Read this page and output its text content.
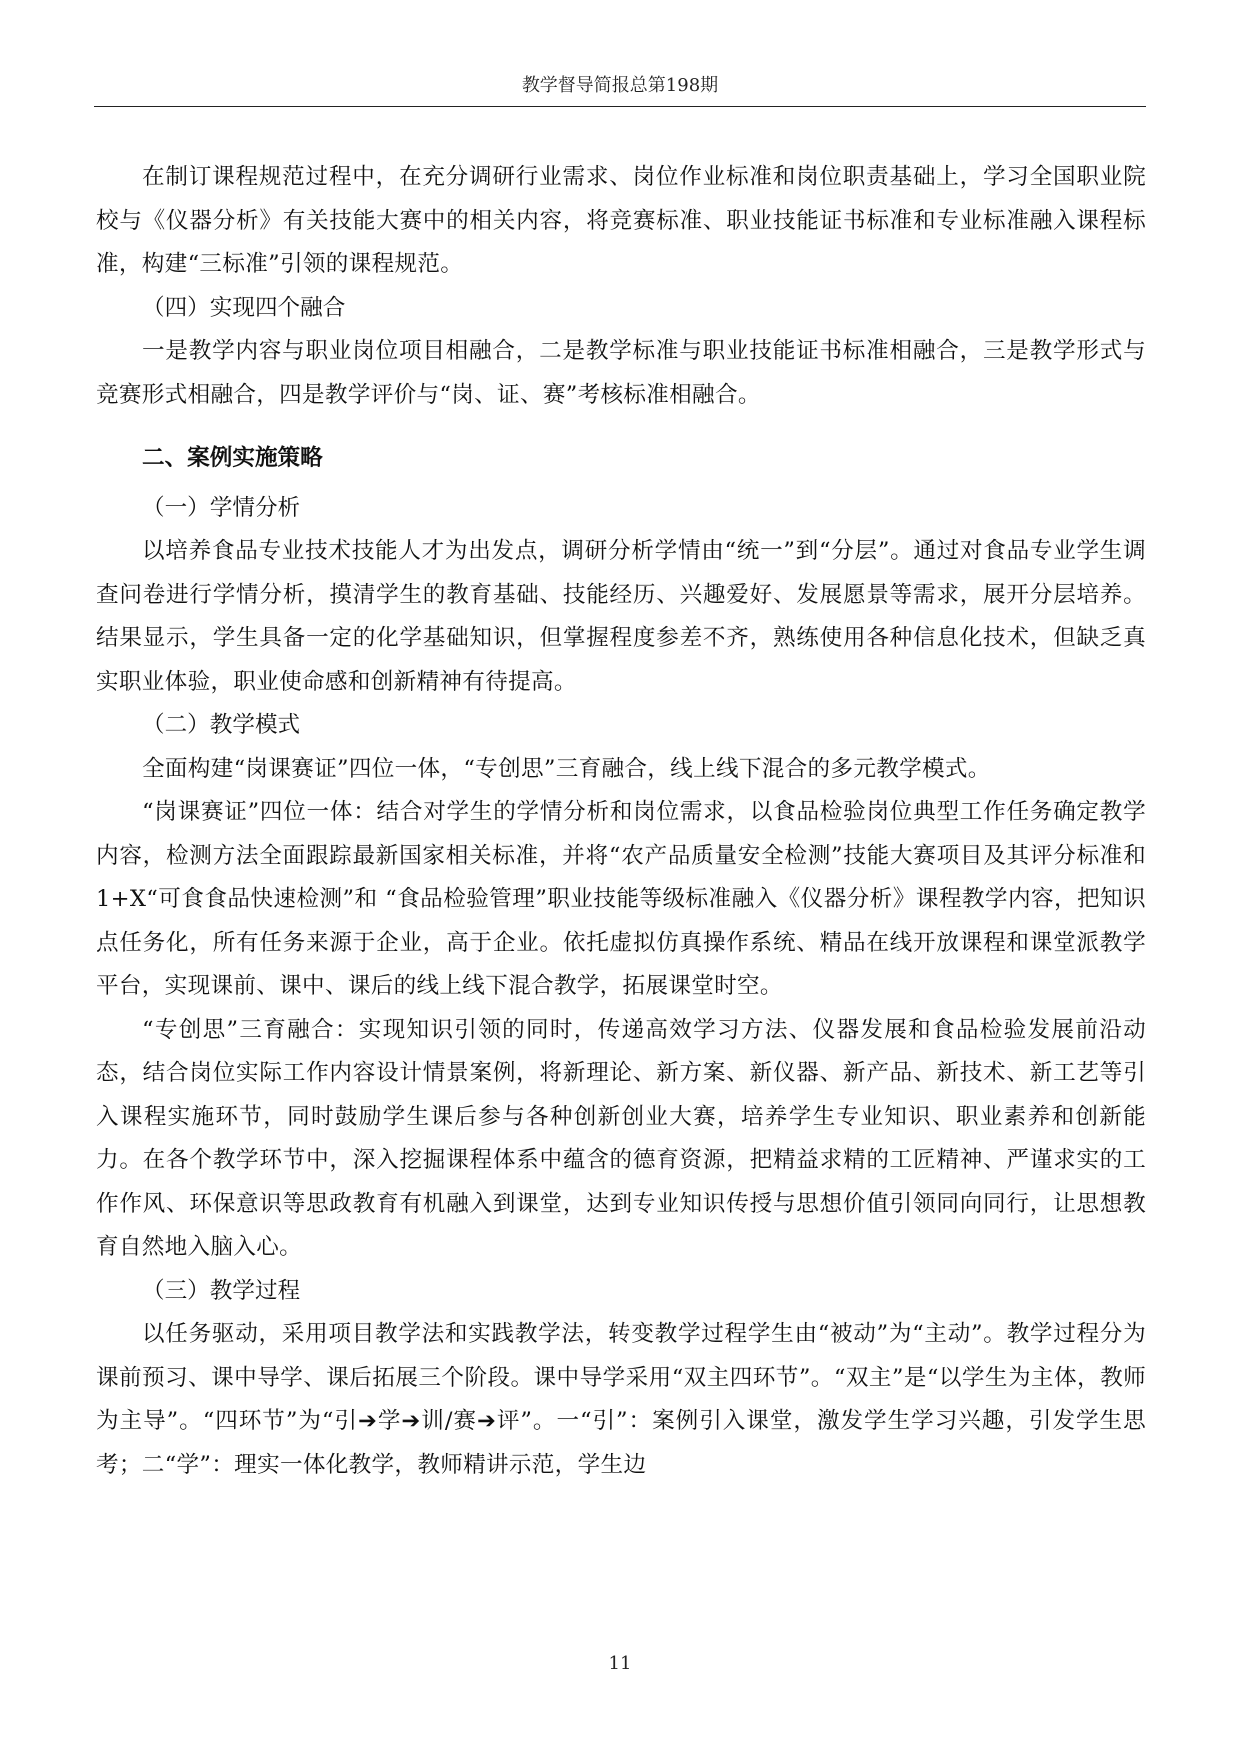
教学督导简报总第198期

在制订课程规范过程中，在充分调研行业需求、岗位作业标准和岗位职责基础上，学习全国职业院校与《仪器分析》有关技能大赛中的相关内容，将竞赛标准、职业技能证书标准和专业标准融入课程标准，构建“三标准”引领的课程规范。

（四）实现四个融合

一是教学内容与职业岗位项目相融合，二是教学标准与职业技能证书标准相融合，三是教学形式与竞赛形式相融合，四是教学评价与“岗、证、赛”考核标准相融合。

二、案例实施策略

（一）学情分析

以培养食品专业技术技能人才为出发点，调研分析学情由“统一”到“分层”。通过对食品专业学生调查问卷进行学情分析，摸清学生的教育基础、技能经历、兴趣爱好、发展愿景等需求，展开分层培养。结果显示，学生具备一定的化学基础知识，但掌握程度参差不齐，熟练使用各种信息化技术，但缺乏真实职业体验，职业使命感和创新精神有待提高。

（二）教学模式

全面构建“岗课赛证”四位一体，“专创思”三育融合，线上线下混合的多元教学模式。

“岗课赛证”四位一体：结合对学生的学情分析和岗位需求，以食品检验岗位典型工作任务确定教学内容，检测方法全面跟踪最新国家相关标准，并将“农产品质量安全检测”技能大赛项目及其评分标准和 1+X“可食食品快速检测”和 “食品检验管理”职业技能等级标准融入《仪器分析》课程教学内容，把知识点任务化，所有任务来源于企业，高于企业。依托虚拟仿真操作系统、精品在线开放课程和课堂派教学平台，实现课前、课中、课后的线上线下混合教学，拓展课堂时空。

“专创思”三育融合：实现知识引领的同时，传递高效学习方法、仪器发展和食品检验发展前沿动态，结合岗位实际工作内容设计情景案例，将新理论、新方案、新仪器、新产品、新技术、新工艺等引入课程实施环节，同时鼓励学生课后参与各种创新创业大赛，培养学生专业知识、职业素养和创新能力。在各个教学环节中，深入挖掘课程体系中蕴含的德育资源，把精益求精的工匠精神、严谨求实的工作作风、环保意识等思政教育有机融入到课堂，达到专业知识传授与思想价值引领同向同行，让思想教育自然地入脑入心。

（三）教学过程

以任务驱动，采用项目教学法和实践教学法，转变教学过程学生由“被动”为“主动”。教学过程分为课前预习、课中导学、课后拓展三个阶段。课中导学采用“双主四环节”。“双主”是“以学生为主体，教师为主导”。“四环节”为“引➔学➔训/赛➔评”。一“引”：案例引入课堂，激发学生学习兴趣，引发学生思考；二“学”：理实一体化教学，教师精讲示范，学生边

11
